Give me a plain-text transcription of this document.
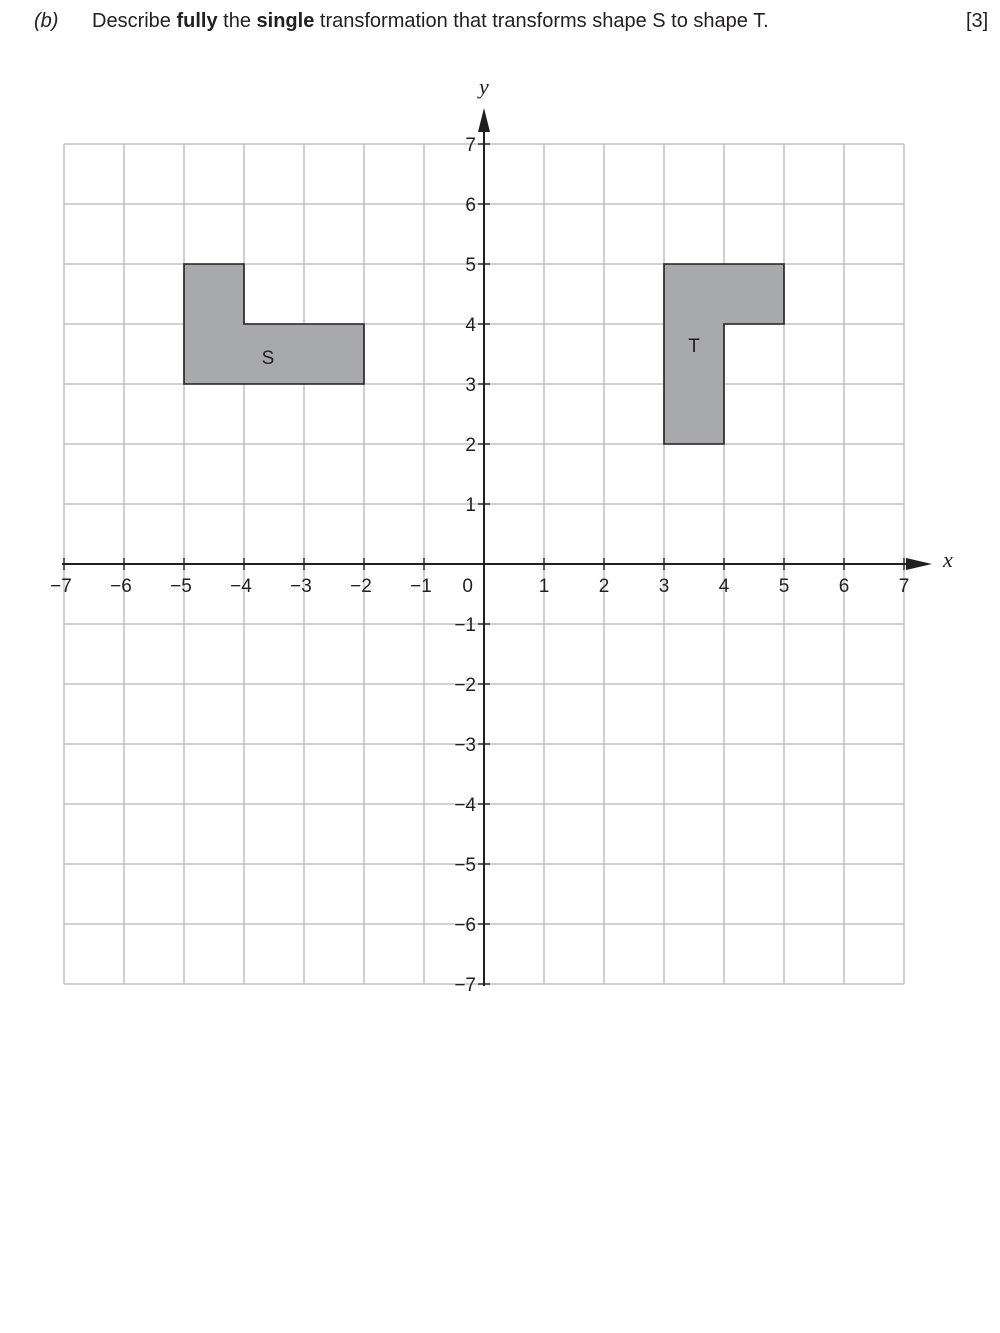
(b) Describe fully the single transformation that transforms shape S to shape T.	[3]
S
T
x
y
−7 −6 −5 −4 −3 −2 −1	1	2	3	4	5	6	7
7
6
5
4
3
2
1
−1
−2
−3
−4
−5
−6
−7
0
